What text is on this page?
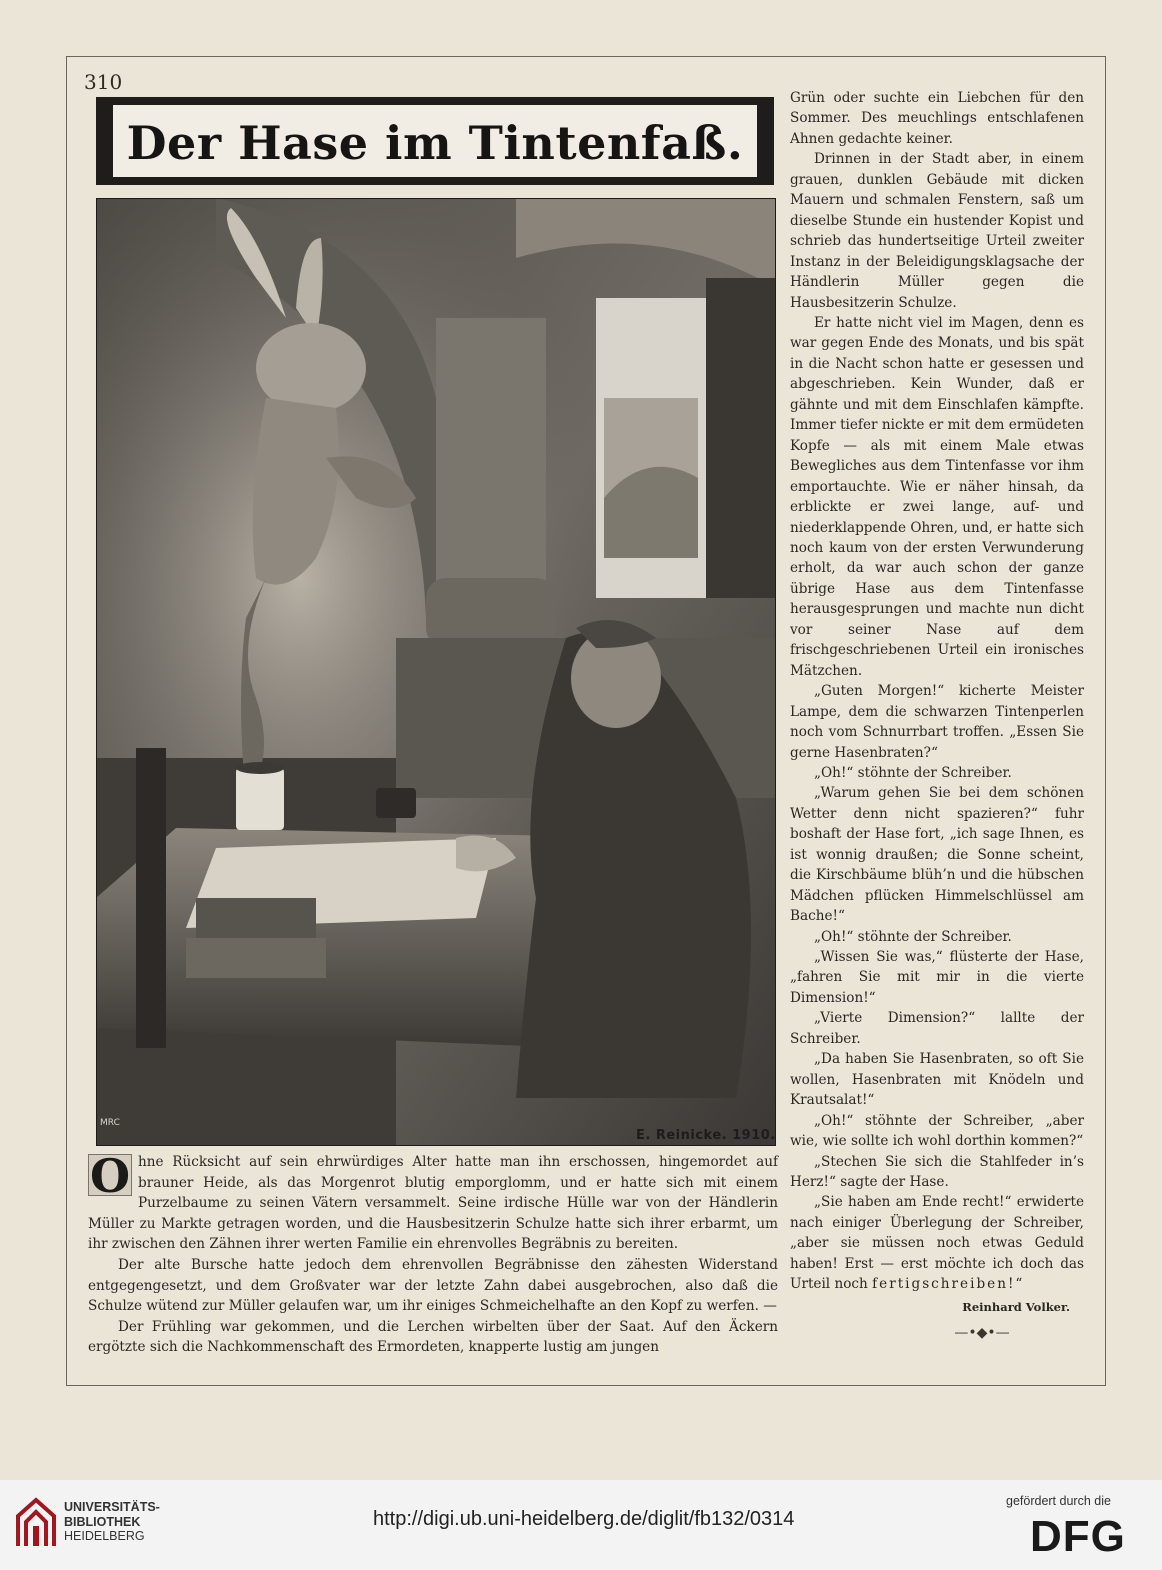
310
Der Hase im Tintenfaß.
MRC
E. Reinicke. 1910.

O hne Rücksicht auf sein ehrwürdiges Alter hatte man ihn erschossen, hingemordet auf brauner Heide, als das Morgenrot blutig emporglomm, und er hatte sich mit einem Purzelbaume zu seinen Vätern versammelt. Seine irdische Hülle war von der Händlerin Müller zu Markte getragen worden, und die Hausbesitzerin Schulze hatte sich ihrer erbarmt, um ihr zwischen den Zähnen ihrer werten Familie ein ehrenvolles Begräbnis zu bereiten.

Der alte Bursche hatte jedoch dem ehrenvollen Begräbnisse den zähesten Widerstand entgegengesetzt, und dem Großvater war der letzte Zahn dabei ausgebrochen, also daß die Schulze wütend zur Müller gelaufen war, um ihr einiges Schmeichelhafte an den Kopf zu werfen. —

Der Frühling war gekommen, und die Lerchen wirbelten über der Saat. Auf den Äckern ergötzte sich die Nachkommenschaft des Ermordeten, knapperte lustig am jungen

Grün oder suchte ein Liebchen für den Sommer. Des meuchlings entschlafenen Ahnen gedachte keiner.

Drinnen in der Stadt aber, in einem grauen, dunklen Gebäude mit dicken Mauern und schmalen Fenstern, saß um dieselbe Stunde ein hustender Kopist und schrieb das hundertseitige Urteil zweiter Instanz in der Beleidigungsklagsache der Händlerin Müller gegen die Hausbesitzerin Schulze.

Er hatte nicht viel im Magen, denn es war gegen Ende des Monats, und bis spät in die Nacht schon hatte er gesessen und abgeschrieben. Kein Wunder, daß er gähnte und mit dem Einschlafen kämpfte. Immer tiefer nickte er mit dem ermüdeten Kopfe — als mit einem Male etwas Bewegliches aus dem Tintenfasse vor ihm emportauchte. Wie er näher hinsah, da erblickte er zwei lange, auf- und niederklappende Ohren, und, er hatte sich noch kaum von der ersten Verwunderung erholt, da war auch schon der ganze übrige Hase aus dem Tintenfasse herausgesprungen und machte nun dicht vor seiner Nase auf dem frischgeschriebenen Urteil ein ironisches Mätzchen.

„Guten Morgen!“ kicherte Meister Lampe, dem die schwarzen Tintenperlen noch vom Schnurrbart troffen. „Essen Sie gerne Hasenbraten?“

„Oh!“ stöhnte der Schreiber.

„Warum gehen Sie bei dem schönen Wetter denn nicht spazieren?“ fuhr boshaft der Hase fort, „ich sage Ihnen, es ist wonnig draußen; die Sonne scheint, die Kirschbäume blüh’n und die hübschen Mädchen pflücken Himmelschlüssel am Bache!“

„Oh!“ stöhnte der Schreiber.

„Wissen Sie was,“ flüsterte der Hase, „fahren Sie mit mir in die vierte Dimension!“

„Vierte Dimension?“ lallte der Schreiber.

„Da haben Sie Hasenbraten, so oft Sie wollen, Hasenbraten mit Knödeln und Krautsalat!“

„Oh!“ stöhnte der Schreiber, „aber wie, wie sollte ich wohl dorthin kommen?“

„Stechen Sie sich die Stahlfeder in’s Herz!“ sagte der Hase.

„Sie haben am Ende recht!“ erwiderte nach einiger Überlegung der Schreiber, „aber sie müssen noch etwas Geduld haben! Erst — erst möchte ich doch das Urteil noch fertigschreiben!“

Reinhard Volker.
—•◆•—
UNIVERSITÄTS-
BIBLIOTHEK
HEIDELBERG
http://digi.ub.uni-heidelberg.de/diglit/fb132/0314
gefördert durch die
DFG
